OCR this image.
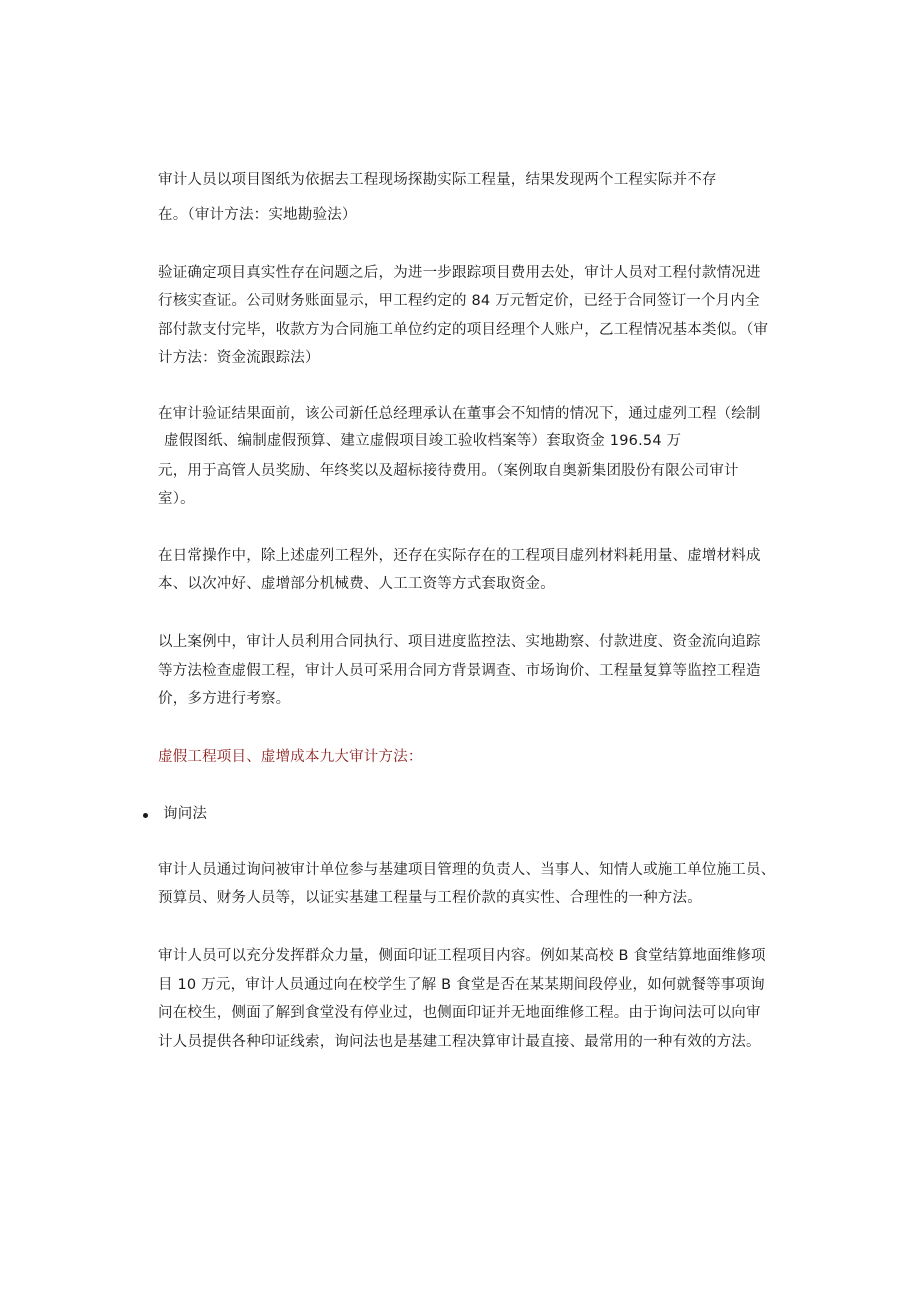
审计人员以项目图纸为依据去工程现场探勘实际工程量，结果发现两个工程实际并不存
在。（审计方法：实地勘验法）
验证确定项目真实性存在问题之后，为进一步跟踪项目费用去处，审计人员对工程付款情况进
行核实查证。公司财务账面显示，甲工程约定的 84 万元暂定价，已经于合同签订一个月内全
部付款支付完毕，收款方为合同施工单位约定的项目经理个人账户，乙工程情况基本类似。（审
计方法：资金流跟踪法）
在审计验证结果面前，该公司新任总经理承认在董事会不知情的情况下，通过虚列工程（绘制
虚假图纸、编制虚假预算、建立虚假项目竣工验收档案等）套取资金 196.54 万
元，用于高管人员奖励、年终奖以及超标接待费用。（案例取自奥新集团股份有限公司审计
室）。
在日常操作中，除上述虚列工程外，还存在实际存在的工程项目虚列材料耗用量、虚增材料成
本、以次冲好、虚增部分机械费、人工工资等方式套取资金。
以上案例中，审计人员利用合同执行、项目进度监控法、实地勘察、付款进度、资金流向追踪
等方法检查虚假工程，审计人员可采用合同方背景调查、市场询价、工程量复算等监控工程造
价，多方进行考察。
虚假工程项目、虚增成本九大审计方法：
询问法
审计人员通过询问被审计单位参与基建项目管理的负责人、当事人、知情人或施工单位施工员、
预算员、财务人员等，以证实基建工程量与工程价款的真实性、合理性的一种方法。
审计人员可以充分发挥群众力量，侧面印证工程项目内容。例如某高校 B 食堂结算地面维修项
目 10 万元，审计人员通过向在校学生了解 B 食堂是否在某某期间段停业，如何就餐等事项询
问在校生，侧面了解到食堂没有停业过，也侧面印证并无地面维修工程。由于询问法可以向审
计人员提供各种印证线索，询问法也是基建工程决算审计最直接、最常用的一种有效的方法。
